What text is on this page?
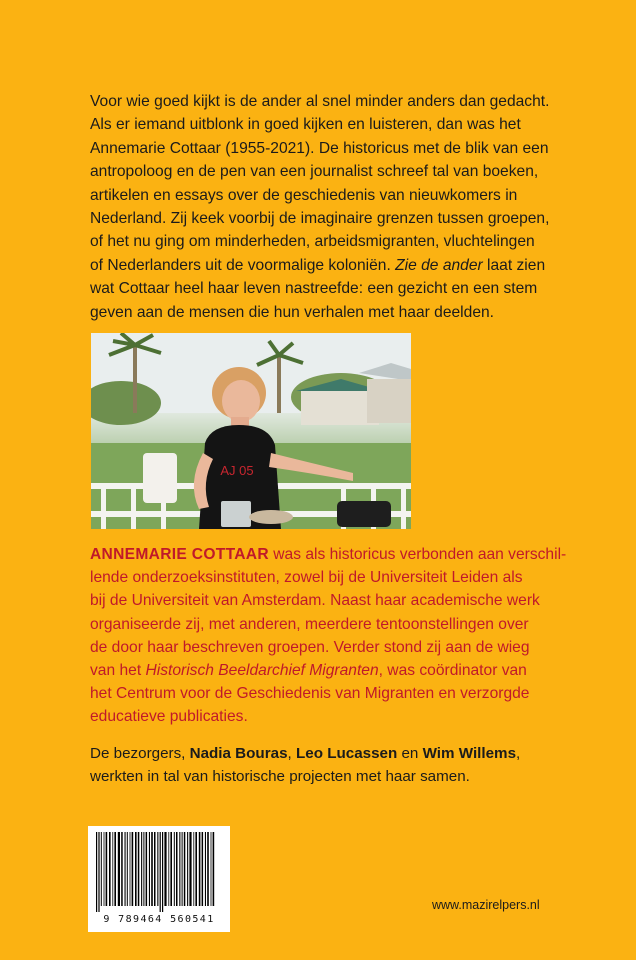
Voor wie goed kijkt is de ander al snel minder anders dan gedacht.
Als er iemand uitblonk in goed kijken en luisteren, dan was het
Annemarie Cottaar (1955-2021). De historicus met de blik van een
antropoloog en de pen van een journalist schreef tal van boeken,
artikelen en essays over de geschiedenis van nieuwkomers in
Nederland. Zij keek voorbij de imaginaire grenzen tussen groepen,
of het nu ging om minderheden, arbeidsmigranten, vluchtelingen
of Nederlanders uit de voormalige koloniën. Zie de ander laat zien
wat Cottaar heel haar leven nastreefde: een gezicht en een stem
geven aan de mensen die hun verhalen met haar deelden.

AJ 05

ANNEMARIE COTTAAR was als historicus verbonden aan verschil-
lende onderzoeksinstituten, zowel bij de Universiteit Leiden als
bij de Universiteit van Amsterdam. Naast haar academische werk
organiseerde zij, met anderen, meerdere tentoonstellingen over
de door haar beschreven groepen. Verder stond zij aan de wieg
van het Historisch Beeldarchief Migranten, was coördinator van
het Centrum voor de Geschiedenis van Migranten en verzorgde
educatieve publicaties.

De bezorgers, Nadia Bouras, Leo Lucassen en Wim Willems,
werkten in tal van historische projecten met haar samen.

9 789464 560541
www.mazirelpers.nl
